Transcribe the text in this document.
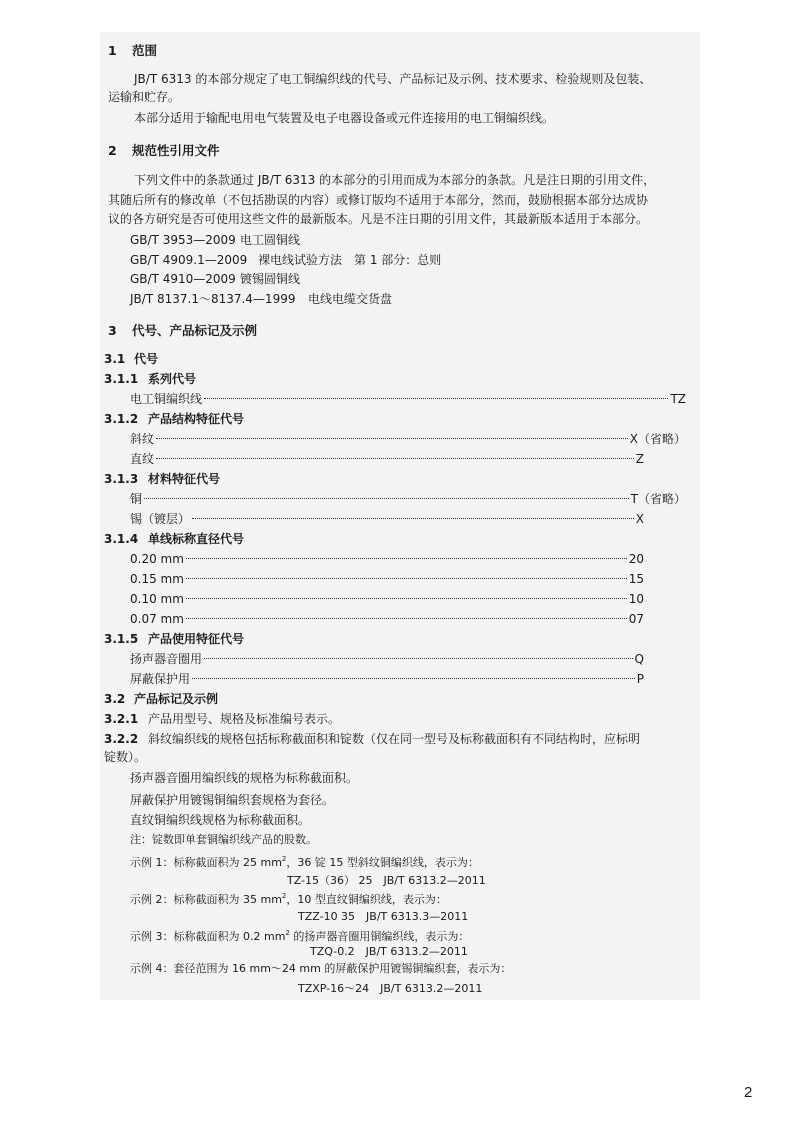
1 范围
JB/T 6313 的本部分规定了电工铜编织线的代号、产品标记及示例、技术要求、检验规则及包装、
运输和贮存。
本部分适用于输配电用电气装置及电子电器设备或元件连接用的电工铜编织线。
2 规范性引用文件
下列文件中的条款通过 JB/T 6313 的本部分的引用而成为本部分的条款。凡是注日期的引用文件，
其随后所有的修改单（不包括勘误的内容）或修订版均不适用于本部分，然而，鼓励根据本部分达成协
议的各方研究是否可使用这些文件的最新版本。凡是不注日期的引用文件，其最新版本适用于本部分。
GB/T 3953—2009 电工圆铜线
GB/T 4909.1—2009 裸电线试验方法　第 1 部分：总则
GB/T 4910—2009 镀锡圆铜线
JB/T 8137.1～8137.4—1999 电线电缆交货盘
3 代号、产品标记及示例
3.1 代号
3.1.1 系列代号
电工铜编织线	TZ
3.1.2 产品结构特征代号
斜纹	X（省略）
直纹	Z
3.1.3 材料特征代号
铜	T（省略）
锡（镀层）	X
3.1.4 单线标称直径代号
0.20 mm	20
0.15 mm	15
0.10 mm	10
0.07 mm	07
3.1.5 产品使用特征代号
扬声器音圈用	Q
屏蔽保护用	P
3.2 产品标记及示例
3.2.1 产品用型号、规格及标准编号表示。
3.2.2 斜纹编织线的规格包括标称截面积和锭数（仅在同一型号及标称截面积有不同结构时，应标明
锭数）。
扬声器音圈用编织线的规格为标称截面积。
屏蔽保护用镀锡铜编织套规格为套径。
直纹铜编织线规格为标称截面积。
注：锭数即单套铜编织线产品的股数。
示例 1：标称截面积为 25 $mm^2$，36 锭 15 型斜纹铜编织线，表示为：
TZ-15（36） 25　JB/T 6313.2—2011
示例 2：标称截面积为 35 $mm^2$，10 型直纹铜编织线，表示为：
TZZ-10 35　JB/T 6313.3—2011
示例 3：标称截面积为 0.2 $mm^2$ 的扬声器音圈用铜编织线，表示为：
TZQ-0.2　JB/T 6313.2—2011
示例 4：套径范围为 16 mm～24 mm 的屏蔽保护用镀锡铜编织套，表示为：
TZXP-16～24　JB/T 6313.2—2011
2
